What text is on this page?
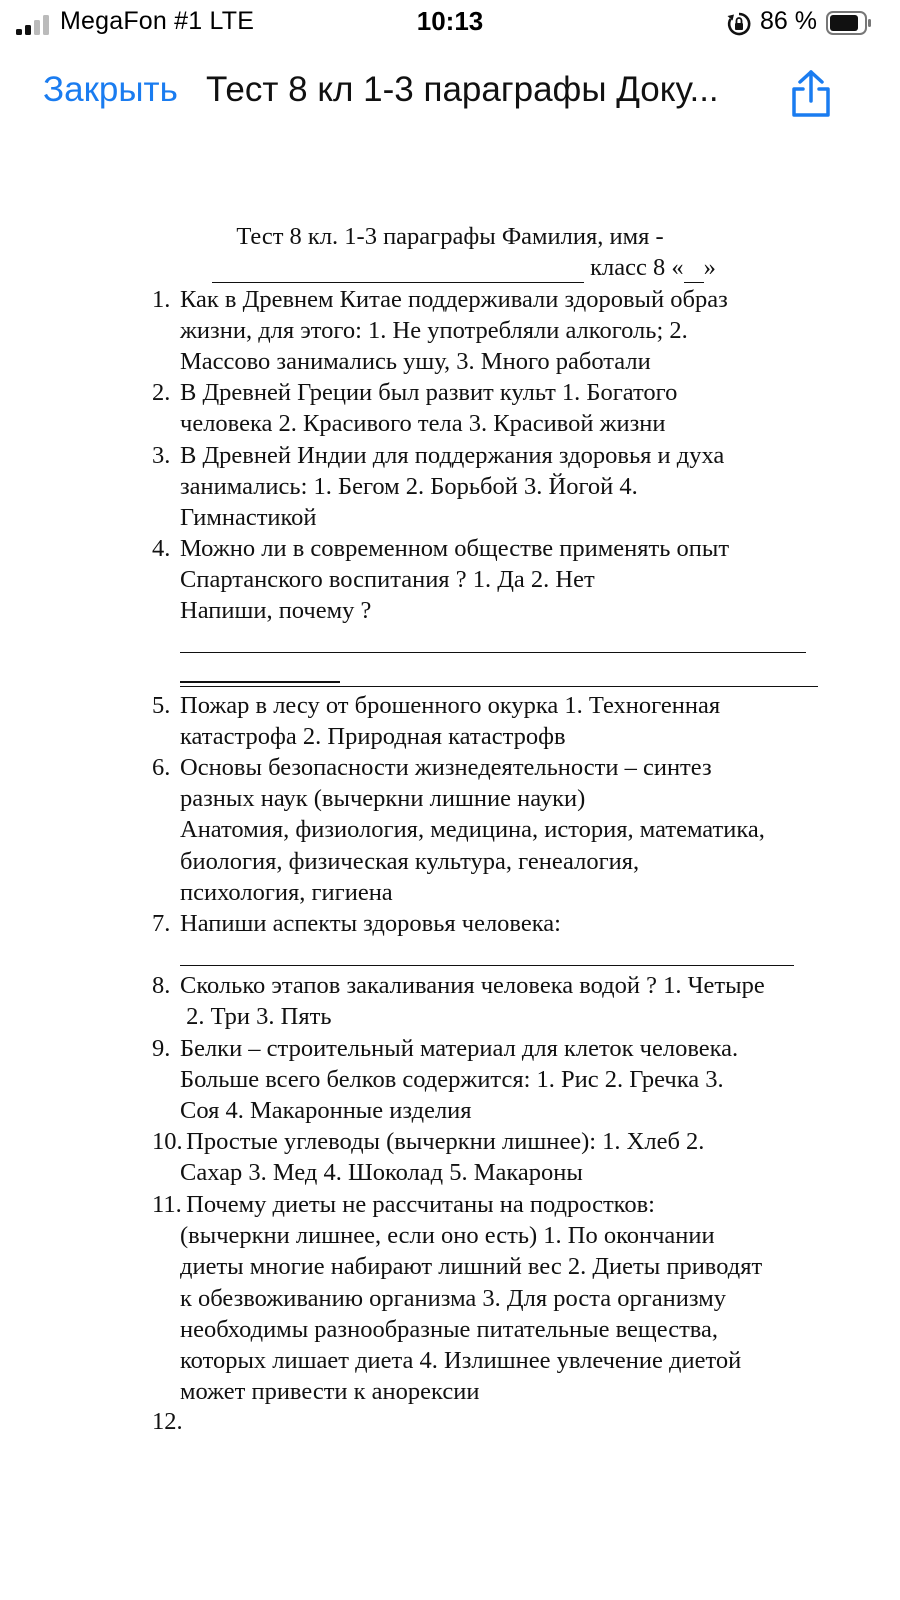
MegaFon #1 LTE	10:13	86 %
Закрыть Тест 8 кл 1-3 параграфы Доку...
Тест 8 кл. 1-3 параграфы Фамилия, имя -
класс 8 « »
1. Как в Древнем Китае поддерживали здоровый образ
жизни, для этого: 1. Не употребляли алкоголь; 2.
Массово занимались ушу, 3. Много работали
2. В Древней Греции был развит культ 1. Богатого
человека 2. Красивого тела 3. Красивой жизни
3. В Древней Индии для поддержания здоровья и духа
занимались: 1. Бегом 2. Борьбой 3. Йогой 4.
Гимнастикой
4. Можно ли в современном обществе применять опыт
Спартанского воспитания ? 1. Да 2. Нет
Напиши, почему ?
5. Пожар в лесу от брошенного окурка 1. Техногенная
катастрофа 2. Природная катастрофв
6. Основы безопасности жизнедеятельности – синтез
разных наук (вычеркни лишние науки)
Анатомия, физиология, медицина, история, математика,
биология, физическая культура, генеалогия,
психология, гигиена
7. Напиши аспекты здоровья человека:
8. Сколько этапов закаливания человека водой ? 1. Четыре
2. Три 3. Пять
9. Белки – строительный материал для клеток человека.
Больше всего белков содержится: 1. Рис 2. Гречка 3.
Соя 4. Макаронные изделия
10.
Простые углеводы (вычеркни лишнее): 1. Хлеб 2.
Сахар 3. Мед 4. Шоколад 5. Макароны
11.
Почему диеты не рассчитаны на подростков:
(вычеркни лишнее, если оно есть) 1. По окончании
диеты многие набирают лишний вес 2. Диеты приводят
к обезвоживанию организма 3. Для роста организму
необходимы разнообразные питательные вещества,
которых лишает диета 4. Излишнее увлечение диетой
может привести к анорексии
12.
